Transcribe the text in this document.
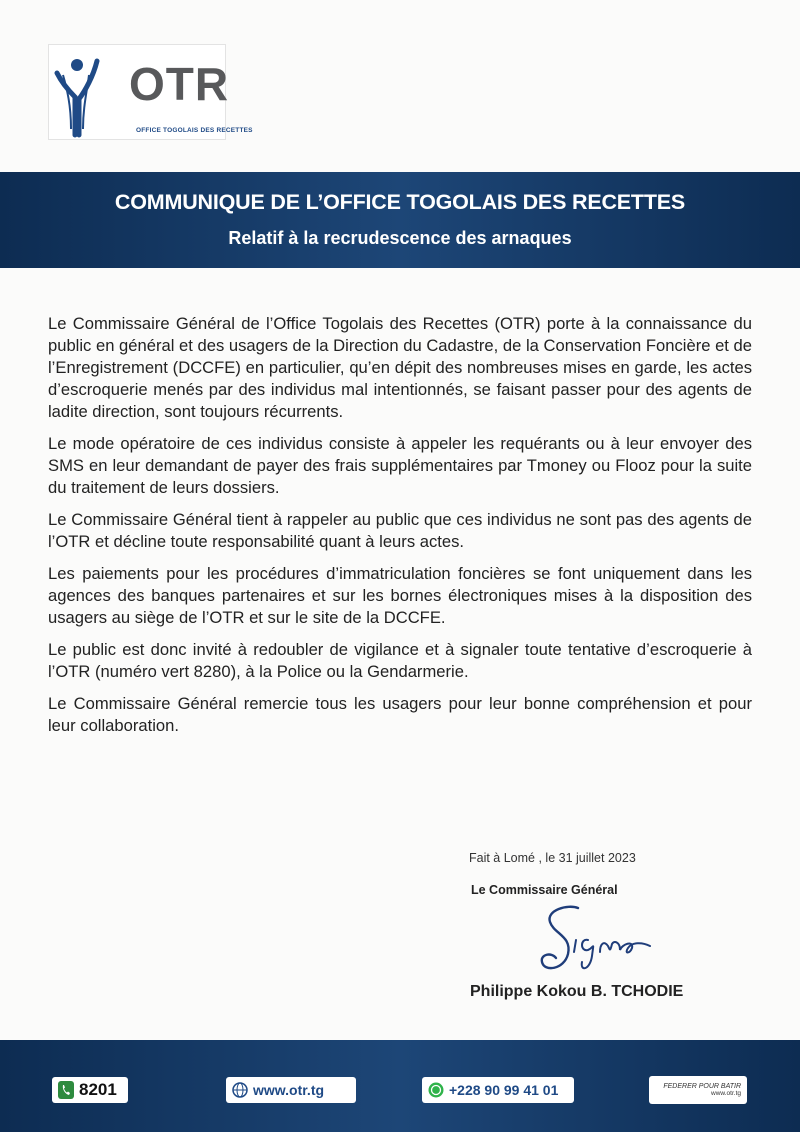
OTR
OFFICE TOGOLAIS DES RECETTES
COMMUNIQUE DE L’OFFICE TOGOLAIS DES RECETTES
Relatif à la recrudescence des arnaques

Le Commissaire Général de l’Office Togolais des Recettes (OTR) porte à la connaissance du public en général et des usagers de la Direction du Cadastre, de la Conservation Foncière et de l’Enregistrement (DCCFE) en particulier, qu’en dépit des nombreuses mises en garde, les actes d’escroquerie menés par des individus mal intentionnés, se faisant passer pour des agents de ladite direction, sont toujours récurrents.

Le mode opératoire de ces individus consiste à appeler les requérants ou à leur envoyer des SMS en leur demandant de payer des frais supplémentaires par Tmoney ou Flooz pour la suite du traitement de leurs dossiers.

Le Commissaire Général tient à rappeler au public que ces individus ne sont pas des agents de l’OTR et décline toute responsabilité quant à leurs actes.

Les paiements pour les procédures d’immatriculation foncières se font uniquement dans les agences des banques partenaires et sur les bornes électroniques mises à la disposition des usagers au siège de l’OTR et sur le site de la DCCFE.

Le public est donc invité à redoubler de vigilance et à signaler toute tentative d’escroquerie à l’OTR (numéro vert 8280), à la Police ou la Gendarmerie.

Le Commissaire Général remercie tous les usagers pour leur bonne compréhension et pour leur collaboration.

Fait à Lomé , le 31 juillet 2023
Le Commissaire Général
Philippe Kokou B. TCHODIE
8201	www.otr.tg	+228 90 99 41 01	FEDERER POUR BATIR
www.otr.tg
